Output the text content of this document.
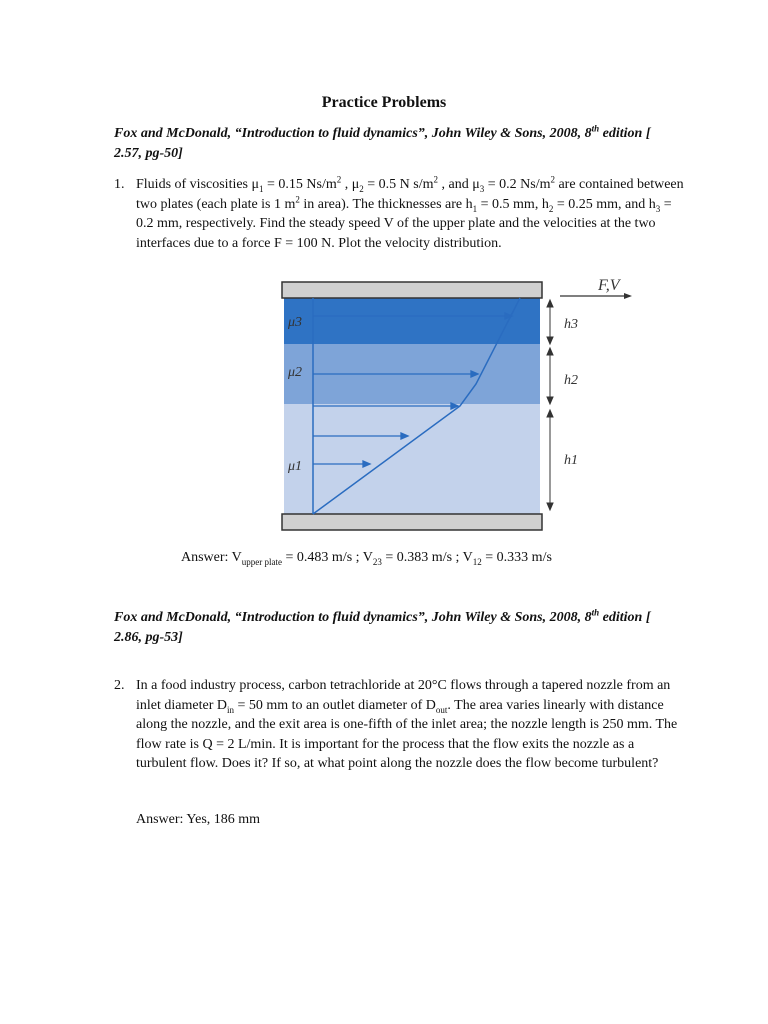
Practice Problems
Fox and McDonald, “Introduction to fluid dynamics”, John Wiley & Sons, 2008, 8th edition [ 2.57, pg-50]
1. Fluids of viscosities $\mu_1 = 0.15$ $Ns/m^2$ , $\mu_2 = 0.5$ N $s/m^2$ , and $\mu_3 = 0.2$ $Ns/m^2$ are contained between two plates (each plate is 1 $m^2$ in area). The thicknesses are $h_1 = 0.5$ mm, $h_2 = 0.25$ mm, and $h_3 = 0.2$ mm, respectively. Find the steady speed V of the upper plate and the velocities at the two interfaces due to a force F = 100 N. Plot the velocity distribution.
μ3
μ2
μ1
F,V
h3
h2
h1
Answer: $V_{upper plate} = 0.483$ m/s ; $V_{23} = 0.383$ m/s ; $V_{12} = 0.333$ m/s
Fox and McDonald, “Introduction to fluid dynamics”, John Wiley & Sons, 2008, 8th edition [ 2.86, pg-53]
2. In a food industry process, carbon tetrachloride at 20°C flows through a tapered nozzle from an inlet diameter $D_{in} = 50$ mm to an outlet diameter of $D_{out}$. The area varies linearly with distance along the nozzle, and the exit area is one-fifth of the inlet area; the nozzle length is 250 mm. The flow rate is Q = 2 L/min. It is important for the process that the flow exits the nozzle as a turbulent flow. Does it? If so, at what point along the nozzle does the flow become turbulent?
Answer: Yes, 186 mm
